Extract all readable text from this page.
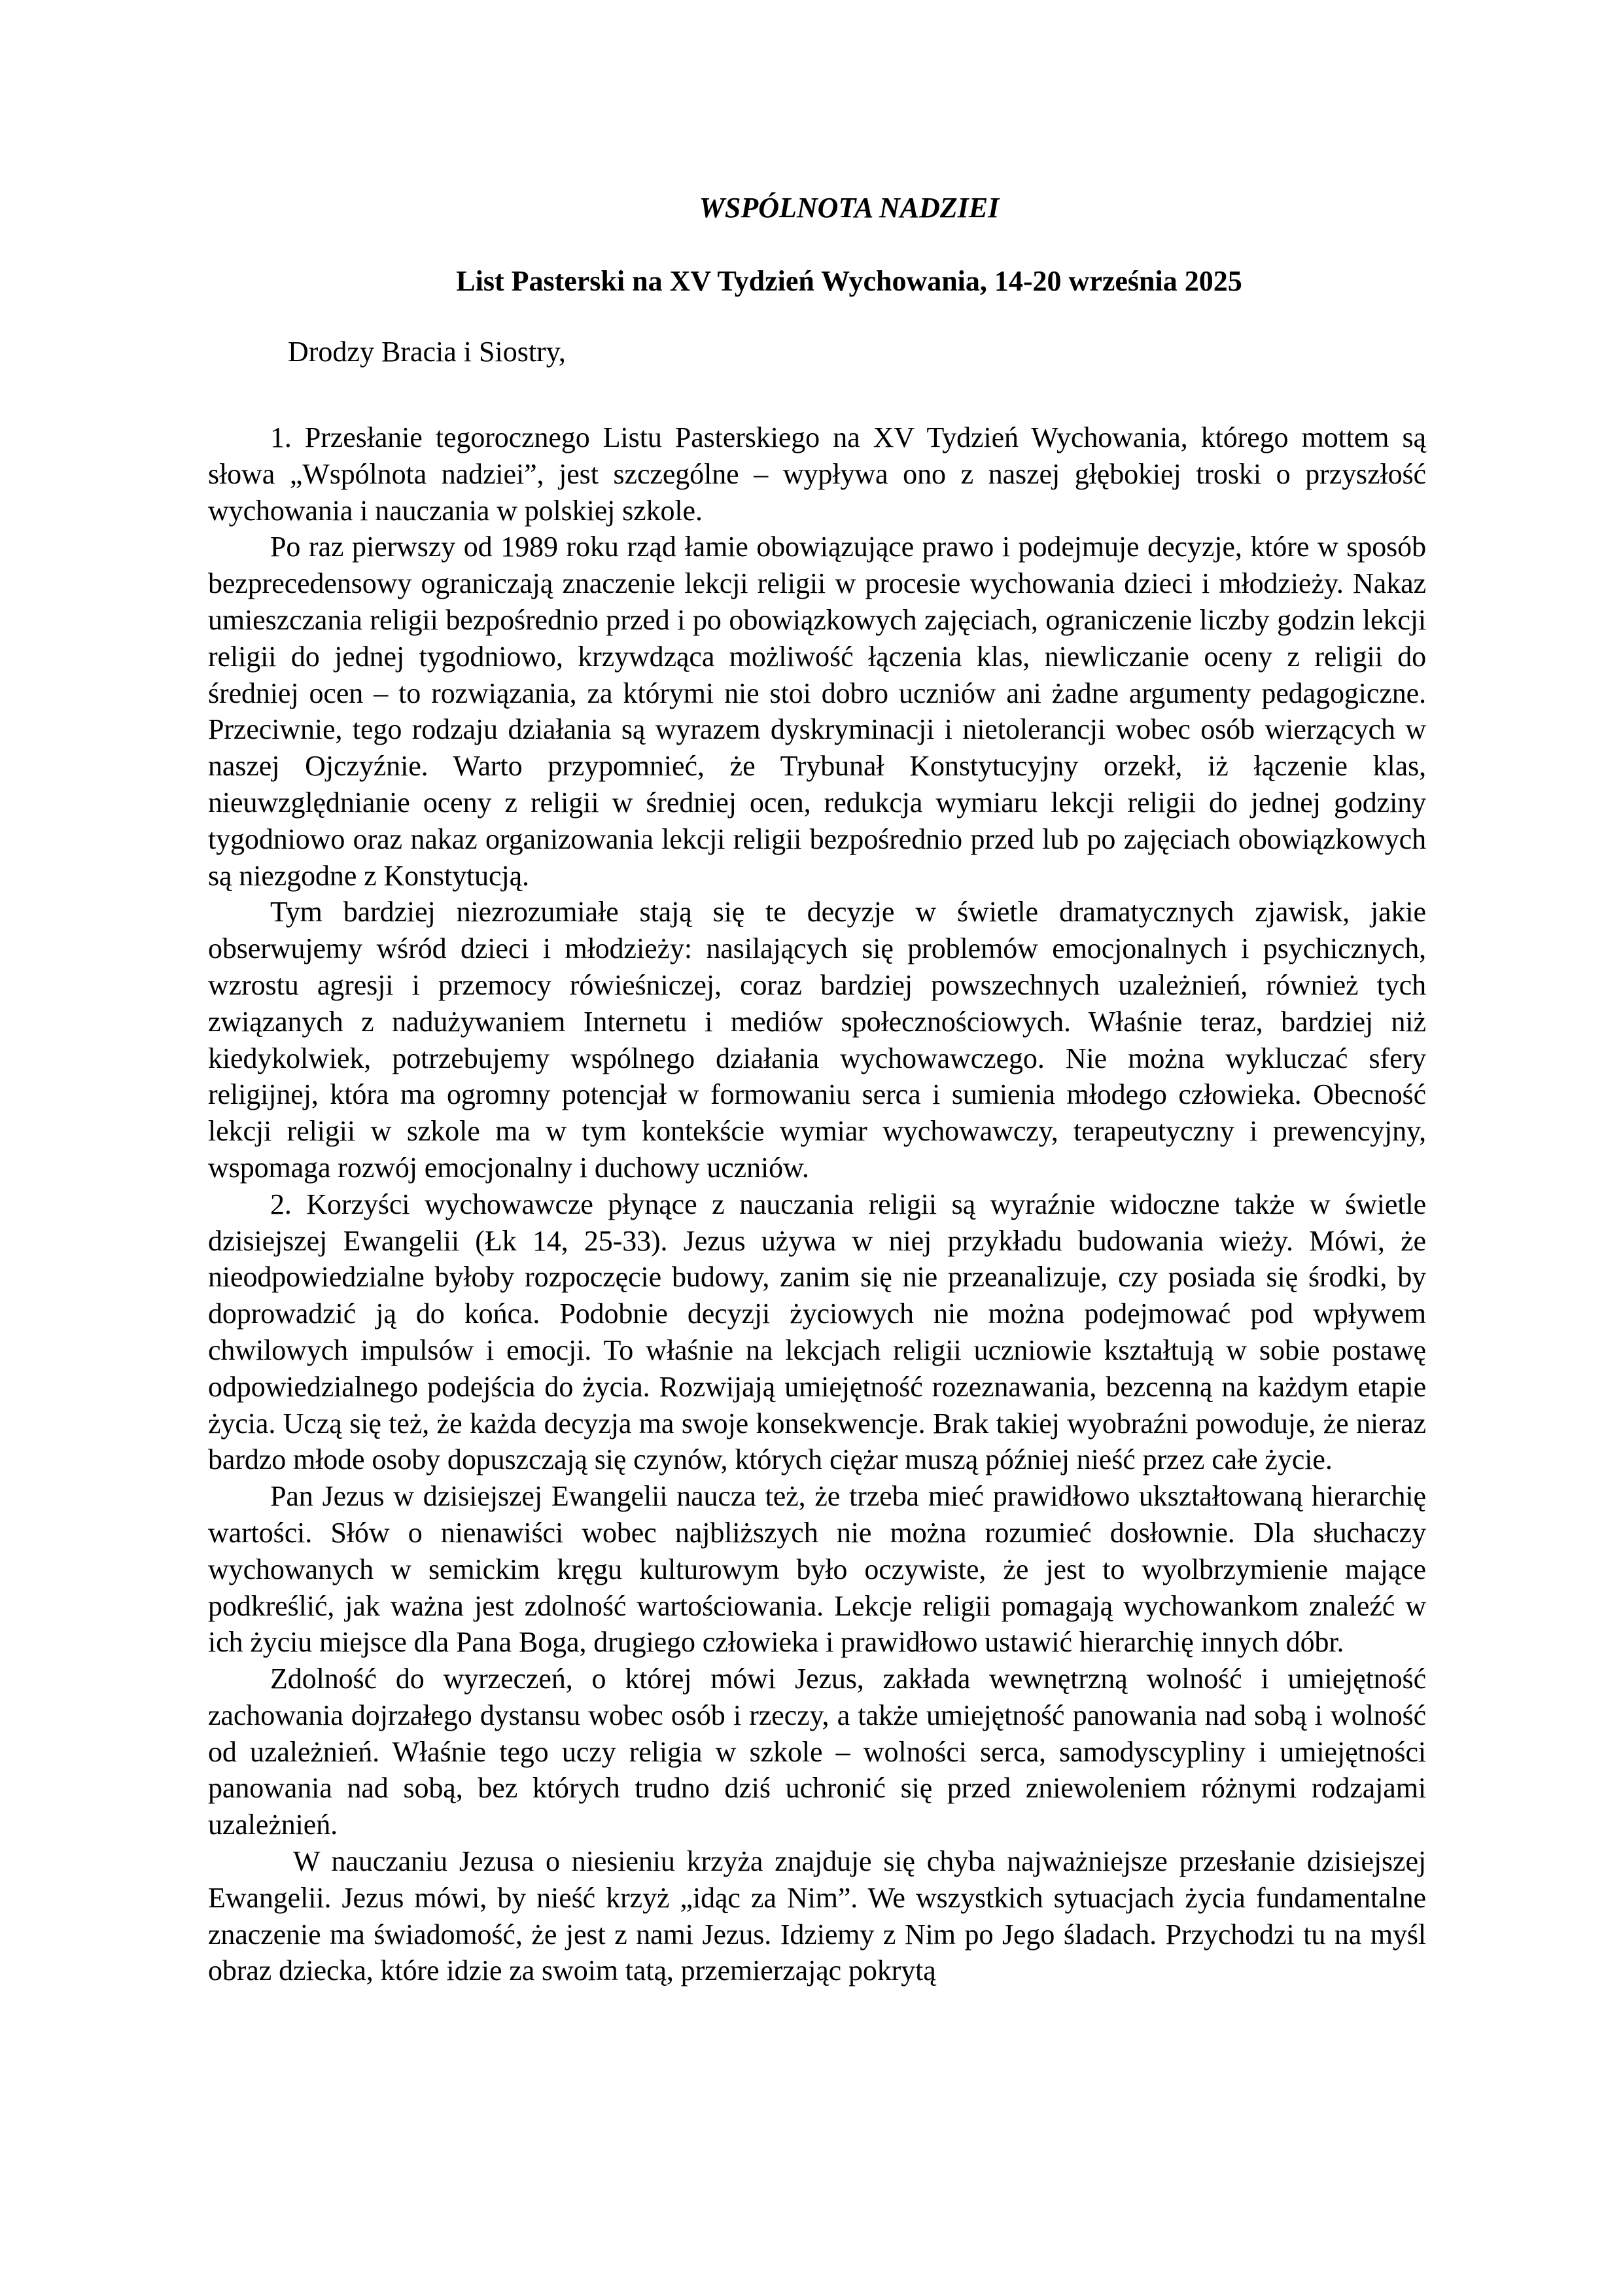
WSPÓLNOTA NADZIEI
List Pasterski na XV Tydzień Wychowania, 14-20 września 2025

Drodzy Bracia i Siostry,

1. Przesłanie tegorocznego Listu Pasterskiego na XV Tydzień Wychowania, którego mottem są słowa „Wspólnota nadziei”, jest szczególne – wypływa ono z naszej głębokiej troski o przyszłość wychowania i nauczania w polskiej szkole.

Po raz pierwszy od 1989 roku rząd łamie obowiązujące prawo i podejmuje decyzje, które w sposób bezprecedensowy ograniczają znaczenie lekcji religii w procesie wychowania dzieci i młodzieży. Nakaz umieszczania religii bezpośrednio przed i po obowiązkowych zajęciach, ograniczenie liczby godzin lekcji religii do jednej tygodniowo, krzywdząca możliwość łączenia klas, niewliczanie oceny z religii do średniej ocen – to rozwiązania, za którymi nie stoi dobro uczniów ani żadne argumenty pedagogiczne. Przeciwnie, tego rodzaju działania są wyrazem dyskryminacji i nietolerancji wobec osób wierzących w naszej Ojczyźnie. Warto przypomnieć, że Trybunał Konstytucyjny orzekł, iż łączenie klas, nieuwzględnianie oceny z religii w średniej ocen, redukcja wymiaru lekcji religii do jednej godziny tygodniowo oraz nakaz organizowania lekcji religii bezpośrednio przed lub po zajęciach obowiązkowych są niezgodne z Konstytucją.

Tym bardziej niezrozumiałe stają się te decyzje w świetle dramatycznych zjawisk, jakie obserwujemy wśród dzieci i młodzieży: nasilających się problemów emocjonalnych i psychicznych, wzrostu agresji i przemocy rówieśniczej, coraz bardziej powszechnych uzależnień, również tych związanych z nadużywaniem Internetu i mediów społecznościowych. Właśnie teraz, bardziej niż kiedykolwiek, potrzebujemy wspólnego działania wychowawczego. Nie można wykluczać sfery religijnej, która ma ogromny potencjał w formowaniu serca i sumienia młodego człowieka. Obecność lekcji religii w szkole ma w tym kontekście wymiar wychowawczy, terapeutyczny i prewencyjny, wspomaga rozwój emocjonalny i duchowy uczniów.

2. Korzyści wychowawcze płynące z nauczania religii są wyraźnie widoczne także w świetle dzisiejszej Ewangelii (Łk 14, 25-33). Jezus używa w niej przykładu budowania wieży. Mówi, że nieodpowiedzialne byłoby rozpoczęcie budowy, zanim się nie przeanalizuje, czy posiada się środki, by doprowadzić ją do końca. Podobnie decyzji życiowych nie można podejmować pod wpływem chwilowych impulsów i emocji. To właśnie na lekcjach religii uczniowie kształtują w sobie postawę odpowiedzialnego podejścia do życia. Rozwijają umiejętność rozeznawania, bezcenną na każdym etapie życia. Uczą się też, że każda decyzja ma swoje konsekwencje. Brak takiej wyobraźni powoduje, że nieraz bardzo młode osoby dopuszczają się czynów, których ciężar muszą później nieść przez całe życie.

Pan Jezus w dzisiejszej Ewangelii naucza też, że trzeba mieć prawidłowo ukształtowaną hierarchię wartości. Słów o nienawiści wobec najbliższych nie można rozumieć dosłownie. Dla słuchaczy wychowanych w semickim kręgu kulturowym było oczywiste, że jest to wyolbrzymienie mające podkreślić, jak ważna jest zdolność wartościowania. Lekcje religii pomagają wychowankom znaleźć w ich życiu miejsce dla Pana Boga, drugiego człowieka i prawidłowo ustawić hierarchię innych dóbr.

Zdolność do wyrzeczeń, o której mówi Jezus, zakłada wewnętrzną wolność i umiejętność zachowania dojrzałego dystansu wobec osób i rzeczy, a także umiejętność panowania nad sobą i wolność od uzależnień. Właśnie tego uczy religia w szkole – wolności serca, samodyscypliny i umiejętności panowania nad sobą, bez których trudno dziś uchronić się przed zniewoleniem różnymi rodzajami uzależnień.

W nauczaniu Jezusa o niesieniu krzyża znajduje się chyba najważniejsze przesłanie dzisiejszej Ewangelii. Jezus mówi, by nieść krzyż „idąc za Nim”. We wszystkich sytuacjach życia fundamentalne znaczenie ma świadomość, że jest z nami Jezus. Idziemy z Nim po Jego śladach. Przychodzi tu na myśl obraz dziecka, które idzie za swoim tatą, przemierzając pokrytą
